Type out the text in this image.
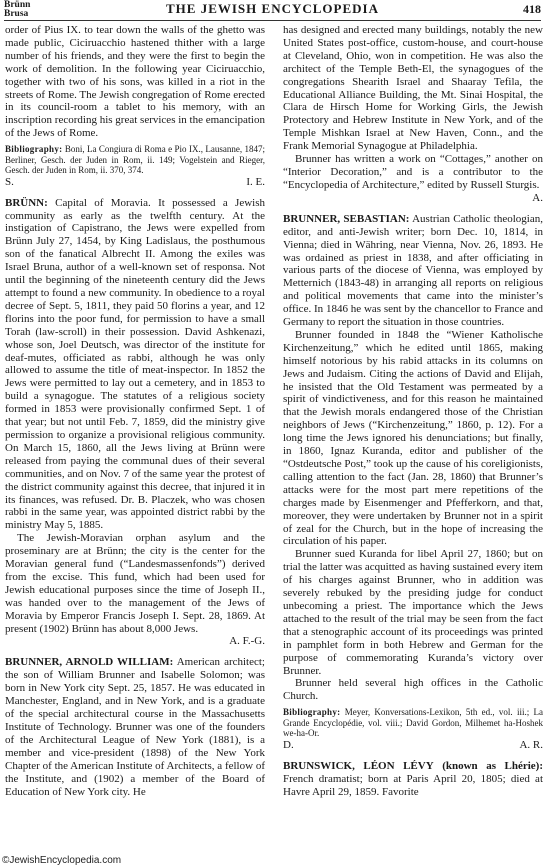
Brünn
Brusa	THE JEWISH ENCYCLOPEDIA	418

order of Pius IX. to tear down the walls of the ghetto was made public, Ciciruacchio hastened thither with a large number of his friends, and they were the first to begin the work of demolition. In the following year Ciciruacchio, together with two of his sons, was killed in a riot in the streets of Rome. The Jewish congregation of Rome erected in its council-room a tablet to his memory, with an inscription recording his great services in the emancipation of the Jews of Rome.

Bibliography: Boni, La Congiura di Roma e Pio IX., Lausanne, 1847; Berliner, Gesch. der Juden in Rom, ii. 149; Vogelstein and Rieger, Gesch. der Juden in Rom, ii. 370, 374.

S.	I. E.

BRÜNN: Capital of Moravia. It possessed a Jewish community as early as the twelfth century. At the instigation of Capistrano, the Jews were expelled from Brünn July 27, 1454, by King Ladislaus, the posthumous son of the fanatical Albrecht II. Among the exiles was Israel Bruna, author of a well-known set of responsa. Not until the beginning of the nineteenth century did the Jews attempt to found a new community. In obedience to a royal decree of Sept. 5, 1811, they paid 50 florins a year, and 12 florins into the poor fund, for permission to have a small Torah (law-scroll) in their possession. David Ashkenazi, whose son, Joel Deutsch, was director of the institute for deaf-mutes, officiated as rabbi, although he was only allowed to assume the title of meat-inspector. In 1852 the Jews were permitted to lay out a cemetery, and in 1853 to build a synagogue. The statutes of a religious society formed in 1853 were provisionally confirmed Sept. 1 of that year; but not until Feb. 7, 1859, did the ministry give permission to organize a provisional religious community. On March 15, 1860, all the Jews living at Brünn were released from paying the communal dues of their several communities, and on Nov. 7 of the same year the protest of the district community against this decree, that injured it in its finances, was refused. Dr. B. Placzek, who was chosen rabbi in the same year, was appointed district rabbi by the ministry May 5, 1885.

The Jewish-Moravian orphan asylum and the proseminary are at Brünn; the city is the center for the Moravian general fund (“Landesmassenfonds”) derived from the excise. This fund, which had been used for Jewish educational purposes since the time of Joseph II., was handed over to the management of the Jews of Moravia by Emperor Francis Joseph I. Sept. 28, 1869. At present (1902) Brünn has about 8,000 Jews.

A. F.-G.

BRUNNER, ARNOLD WILLIAM: American architect; the son of William Brunner and Isabelle Solomon; was born in New York city Sept. 25, 1857. He was educated in Manchester, England, and in New York, and is a graduate of the special architectural course in the Massachusetts Institute of Technology. Brunner was one of the founders of the Architectural League of New York (1881), is a member and vice-president (1898) of the New York Chapter of the American Institute of Architects, a fellow of the Institute, and (1902) a member of the Board of Education of New York city. He

has designed and erected many buildings, notably the new United States post-office, custom-house, and court-house at Cleveland, Ohio, won in competition. He was also the architect of the Temple Beth-El, the synagogues of the congregations Shearith Israel and Shaaray Tefila, the Educational Alliance Building, the Mt. Sinai Hospital, the Clara de Hirsch Home for Working Girls, the Jewish Protectory and Hebrew Institute in New York, and of the Temple Mishkan Israel at New Haven, Conn., and the Frank Memorial Synagogue at Philadelphia.

Brunner has written a work on “Cottages,” another on “Interior Decoration,” and is a contributor to the “Encyclopedia of Architecture,” edited by Russell Sturgis.

A.

BRUNNER, SEBASTIAN: Austrian Catholic theologian, editor, and anti-Jewish writer; born Dec. 10, 1814, in Vienna; died in Währing, near Vienna, Nov. 26, 1893. He was ordained as priest in 1838, and after officiating in various parts of the diocese of Vienna, was employed by Metternich (1843-48) in arranging all reports on religious and political movements that came into the minister’s office. In 1846 he was sent by the chancellor to France and Germany to report the situation in those countries.

Brunner founded in 1848 the “Wiener Katholische Kirchenzeitung,” which he edited until 1865, making himself notorious by his rabid attacks in its columns on Jews and Judaism. Citing the actions of David and Elijah, he insisted that the Old Testament was permeated by a spirit of vindictiveness, and for this reason he maintained that the Jewish morals endangered those of the Christian neighbors of Jews (“Kirchenzeitung,” 1860, p. 12). For a long time the Jews ignored his denunciations; but finally, in 1860, Ignaz Kuranda, editor and publisher of the “Ostdeutsche Post,” took up the cause of his coreligionists, calling attention to the fact (Jan. 28, 1860) that Brunner’s attacks were for the most part mere repetitions of the charges made by Eisenmenger and Pfefferkorn, and that, moreover, they were undertaken by Brunner not in a spirit of zeal for the Church, but in the hope of increasing the circulation of his paper.

Brunner sued Kuranda for libel April 27, 1860; but on trial the latter was acquitted as having sustained every item of his charges against Brunner, who in addition was severely rebuked by the presiding judge for conduct unbecoming a priest. The importance which the Jews attached to the result of the trial may be seen from the fact that a stenographic account of its proceedings was printed in pamphlet form in both Hebrew and German for the purpose of commemorating Kuranda’s victory over Brunner.

Brunner held several high offices in the Catholic Church.

Bibliography: Meyer, Konversations-Lexikon, 5th ed., vol. iii.; La Grande Encyclopédie, vol. viii.; David Gordon, Milhemet ha-Hoshek we-ha-Or.

D.	A. R.

BRUNSWICK, LÉON LÉVY (known as Lhérie): French dramatist; born at Paris April 20, 1805; died at Havre April 29, 1859. Favorite

©JewishEncyclopedia.com
